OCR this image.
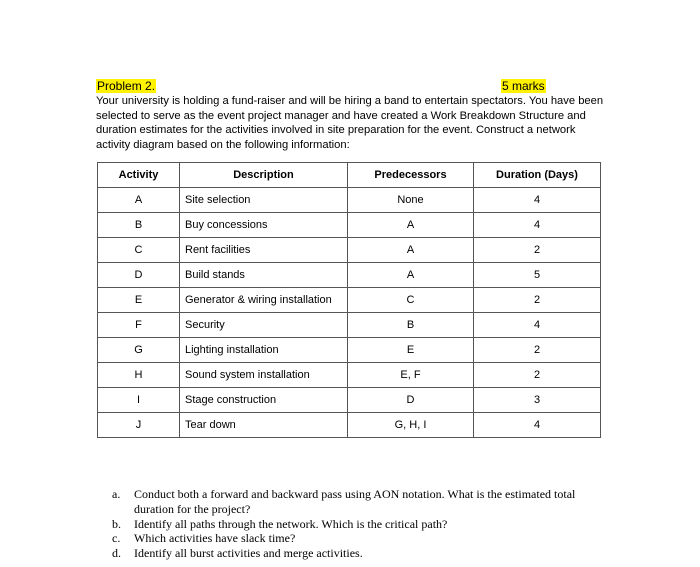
Problem 2.	5 marks
Your university is holding a fund-raiser and will be hiring a band to entertain spectators. You have been selected to serve as the event project manager and have created a Work Breakdown Structure and duration estimates for the activities involved in site preparation for the event. Construct a network activity diagram based on the following information:
Activity	Description	Predecessors	Duration (Days)
A	Site selection	None	4
B	Buy concessions	A	4
C	Rent facilities	A	2
D	Build stands	A	5
E	Generator & wiring installation	C	2
F	Security	B	4
G	Lighting installation	E	2
H	Sound system installation	E, F	2
I	Stage construction	D	3
J	Tear down	G, H, I	4
a. Conduct both a forward and backward pass using AON notation. What is the estimated total duration for the project?
b. Identify all paths through the network. Which is the critical path?
c. Which activities have slack time?
d. Identify all burst activities and merge activities.
